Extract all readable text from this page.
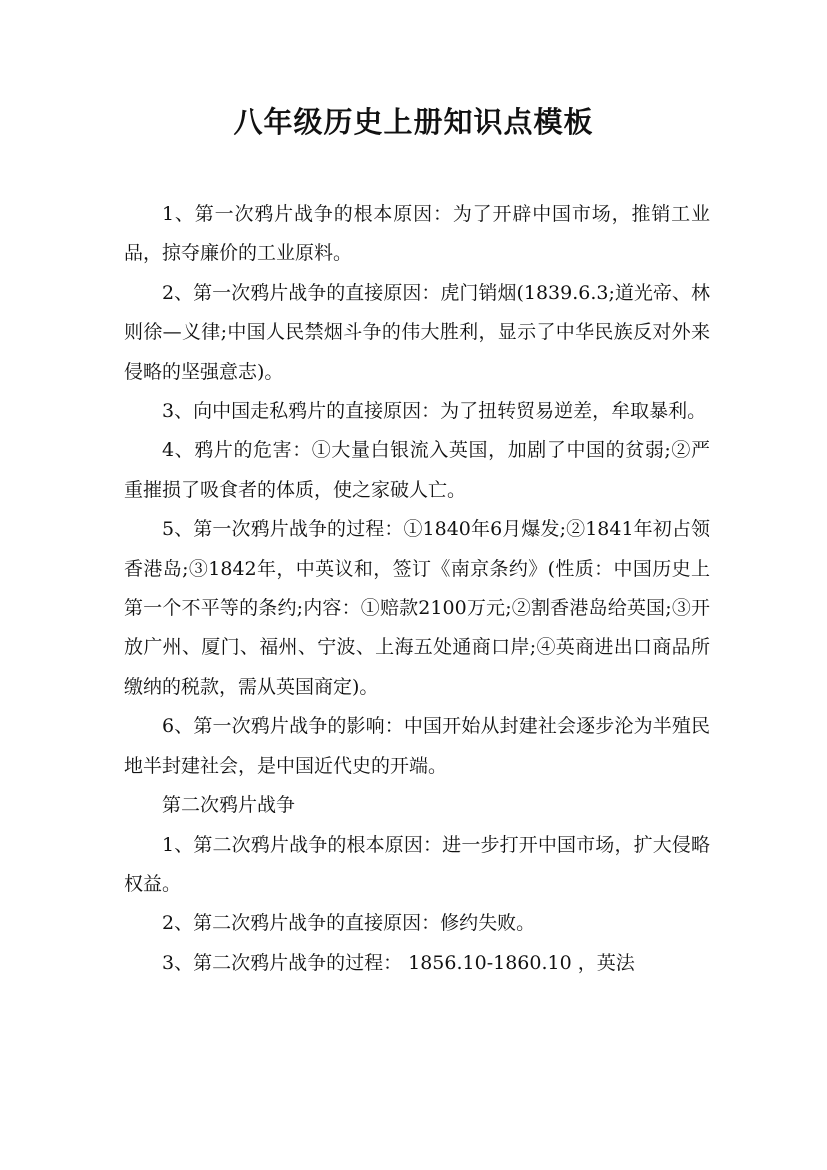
八年级历史上册知识点模板

1、第一次鸦片战争的根本原因：为了开辟中国市场，推销工业品，掠夺廉价的工业原料。

2、第一次鸦片战争的直接原因：虎门销烟(1839.6.3;道光帝、林则徐—义律;中国人民禁烟斗争的伟大胜利，显示了中华民族反对外来侵略的坚强意志)。

3、向中国走私鸦片的直接原因：为了扭转贸易逆差，牟取暴利。

4、鸦片的危害：①大量白银流入英国，加剧了中国的贫弱;②严重摧损了吸食者的体质，使之家破人亡。

5、第一次鸦片战争的过程：①1840年6月爆发;②1841年初占领香港岛;③1842年，中英议和，签订《南京条约》(性质：中国历史上第一个不平等的条约;内容：①赔款2100万元;②割香港岛给英国;③开放广州、厦门、福州、宁波、上海五处通商口岸;④英商进出口商品所缴纳的税款，需从英国商定)。

6、第一次鸦片战争的影响：中国开始从封建社会逐步沦为半殖民地半封建社会，是中国近代史的开端。

第二次鸦片战争

1、第二次鸦片战争的根本原因：进一步打开中国市场，扩大侵略权益。

2、第二次鸦片战争的直接原因：修约失败。

3、第二次鸦片战争的过程： 1856.10-1860.10 ，英法
